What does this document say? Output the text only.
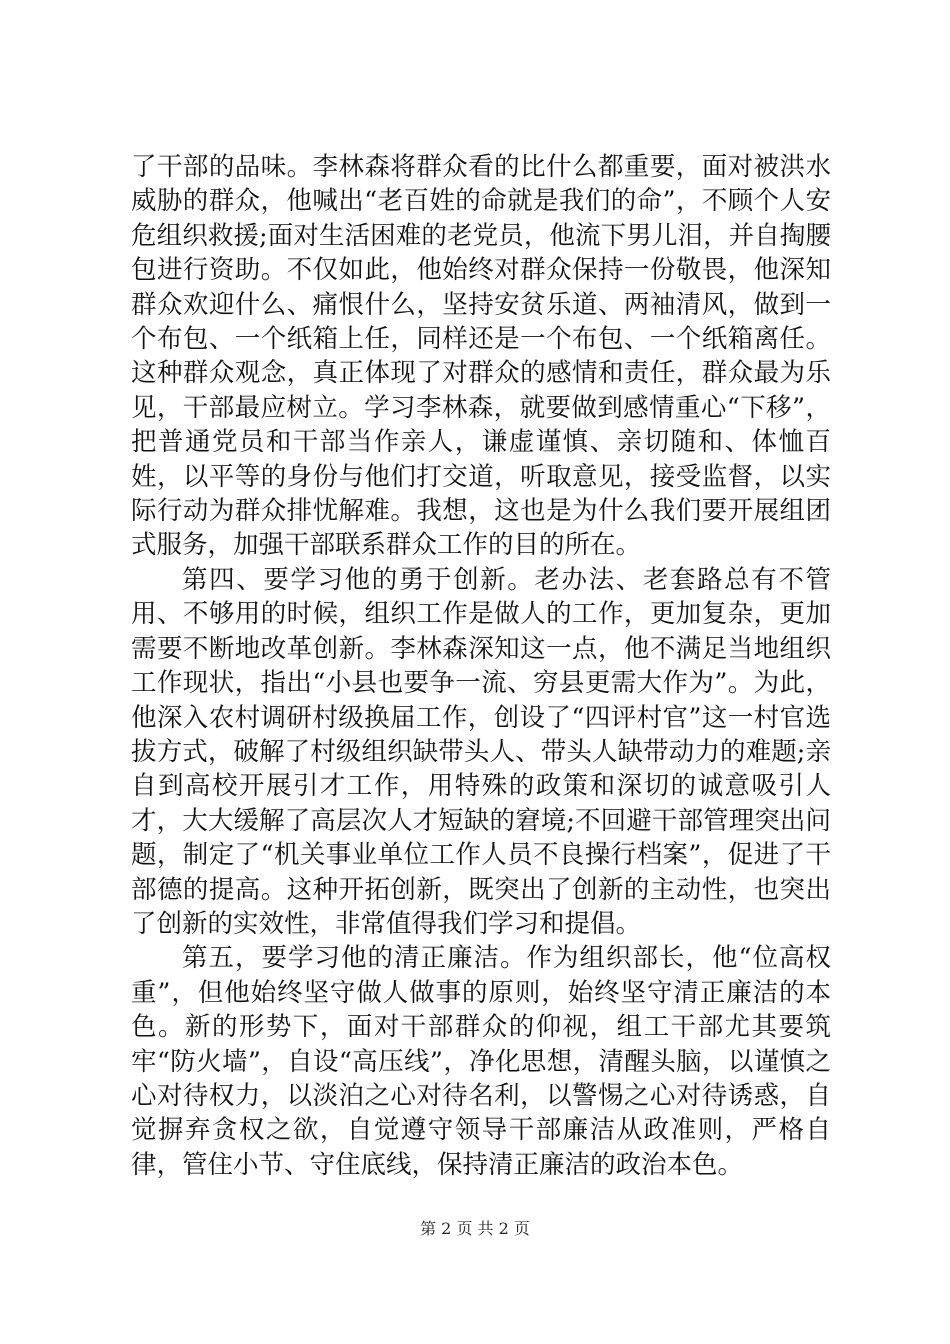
了干部的品味。李林森将群众看的比什么都重要，面对被洪水威胁的群众，他喊出“老百姓的命就是我们的命”，不顾个人安危组织救援;面对生活困难的老党员，他流下男儿泪，并自掏腰包进行资助。不仅如此，他始终对群众保持一份敬畏，他深知群众欢迎什么、痛恨什么，坚持安贫乐道、两袖清风，做到一个布包、一个纸箱上任，同样还是一个布包、一个纸箱离任。这种群众观念，真正体现了对群众的感情和责任，群众最为乐见，干部最应树立。学习李林森，就要做到感情重心“下移”，把普通党员和干部当作亲人，谦虚谨慎、亲切随和、体恤百姓，以平等的身份与他们打交道，听取意见，接受监督，以实际行动为群众排忧解难。我想，这也是为什么我们要开展组团式服务，加强干部联系群众工作的目的所在。

第四、要学习他的勇于创新。老办法、老套路总有不管用、不够用的时候，组织工作是做人的工作，更加复杂，更加需要不断地改革创新。李林森深知这一点，他不满足当地组织工作现状，指出“小县也要争一流、穷县更需大作为”。为此，他深入农村调研村级换届工作，创设了“四评村官”这一村官选拔方式，破解了村级组织缺带头人、带头人缺带动力的难题;亲自到高校开展引才工作，用特殊的政策和深切的诚意吸引人才，大大缓解了高层次人才短缺的窘境;不回避干部管理突出问题，制定了“机关事业单位工作人员不良操行档案”，促进了干部德的提高。这种开拓创新，既突出了创新的主动性，也突出了创新的实效性，非常值得我们学习和提倡。

第五，要学习他的清正廉洁。作为组织部长，他“位高权重”，但他始终坚守做人做事的原则，始终坚守清正廉洁的本色。新的形势下，面对干部群众的仰视，组工干部尤其要筑牢“防火墙”，自设“高压线”，净化思想，清醒头脑，以谨慎之心对待权力，以淡泊之心对待名利，以警惕之心对待诱惑，自觉摒弃贪权之欲，自觉遵守领导干部廉洁从政准则，严格自律，管住小节、守住底线，保持清正廉洁的政治本色。

第 2 页 共 2 页
